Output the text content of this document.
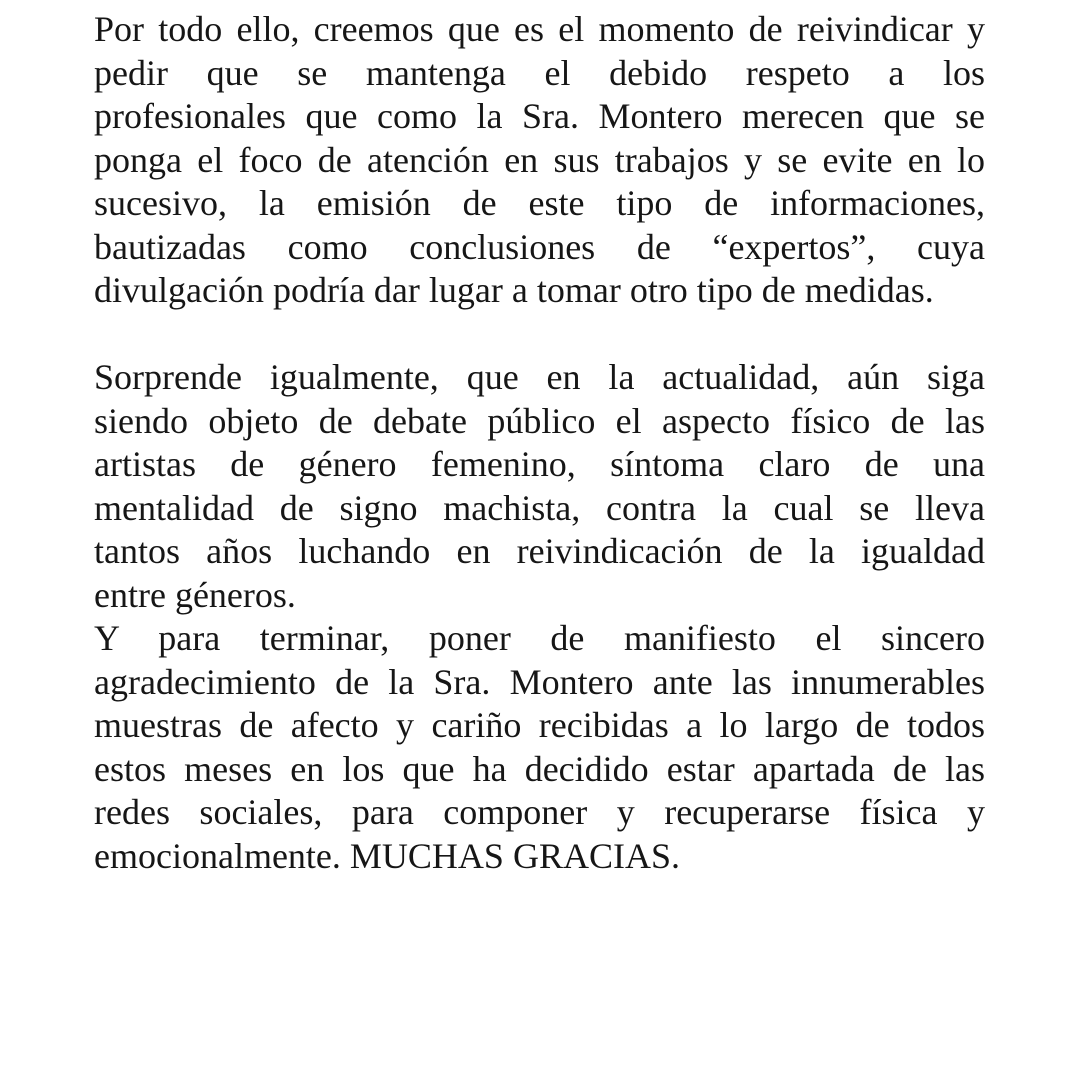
Por todo ello, creemos que es el momento de reivindicar y
pedir que se mantenga el debido respeto a los
profesionales que como la Sra. Montero merecen que se
ponga el foco de atención en sus trabajos y se evite en lo
sucesivo, la emisión de este tipo de informaciones,
bautizadas como conclusiones de “expertos”, cuya
divulgación podría dar lugar a tomar otro tipo de medidas.

Sorprende igualmente, que en la actualidad, aún siga
siendo objeto de debate público el aspecto físico de las
artistas de género femenino, síntoma claro de una
mentalidad de signo machista, contra la cual se lleva
tantos años luchando en reivindicación de la igualdad
entre géneros.

Y para terminar, poner de manifiesto el sincero
agradecimiento de la Sra. Montero ante las innumerables
muestras de afecto y cariño recibidas a lo largo de todos
estos meses en los que ha decidido estar apartada de las
redes sociales, para componer y recuperarse física y
emocionalmente. MUCHAS GRACIAS.
